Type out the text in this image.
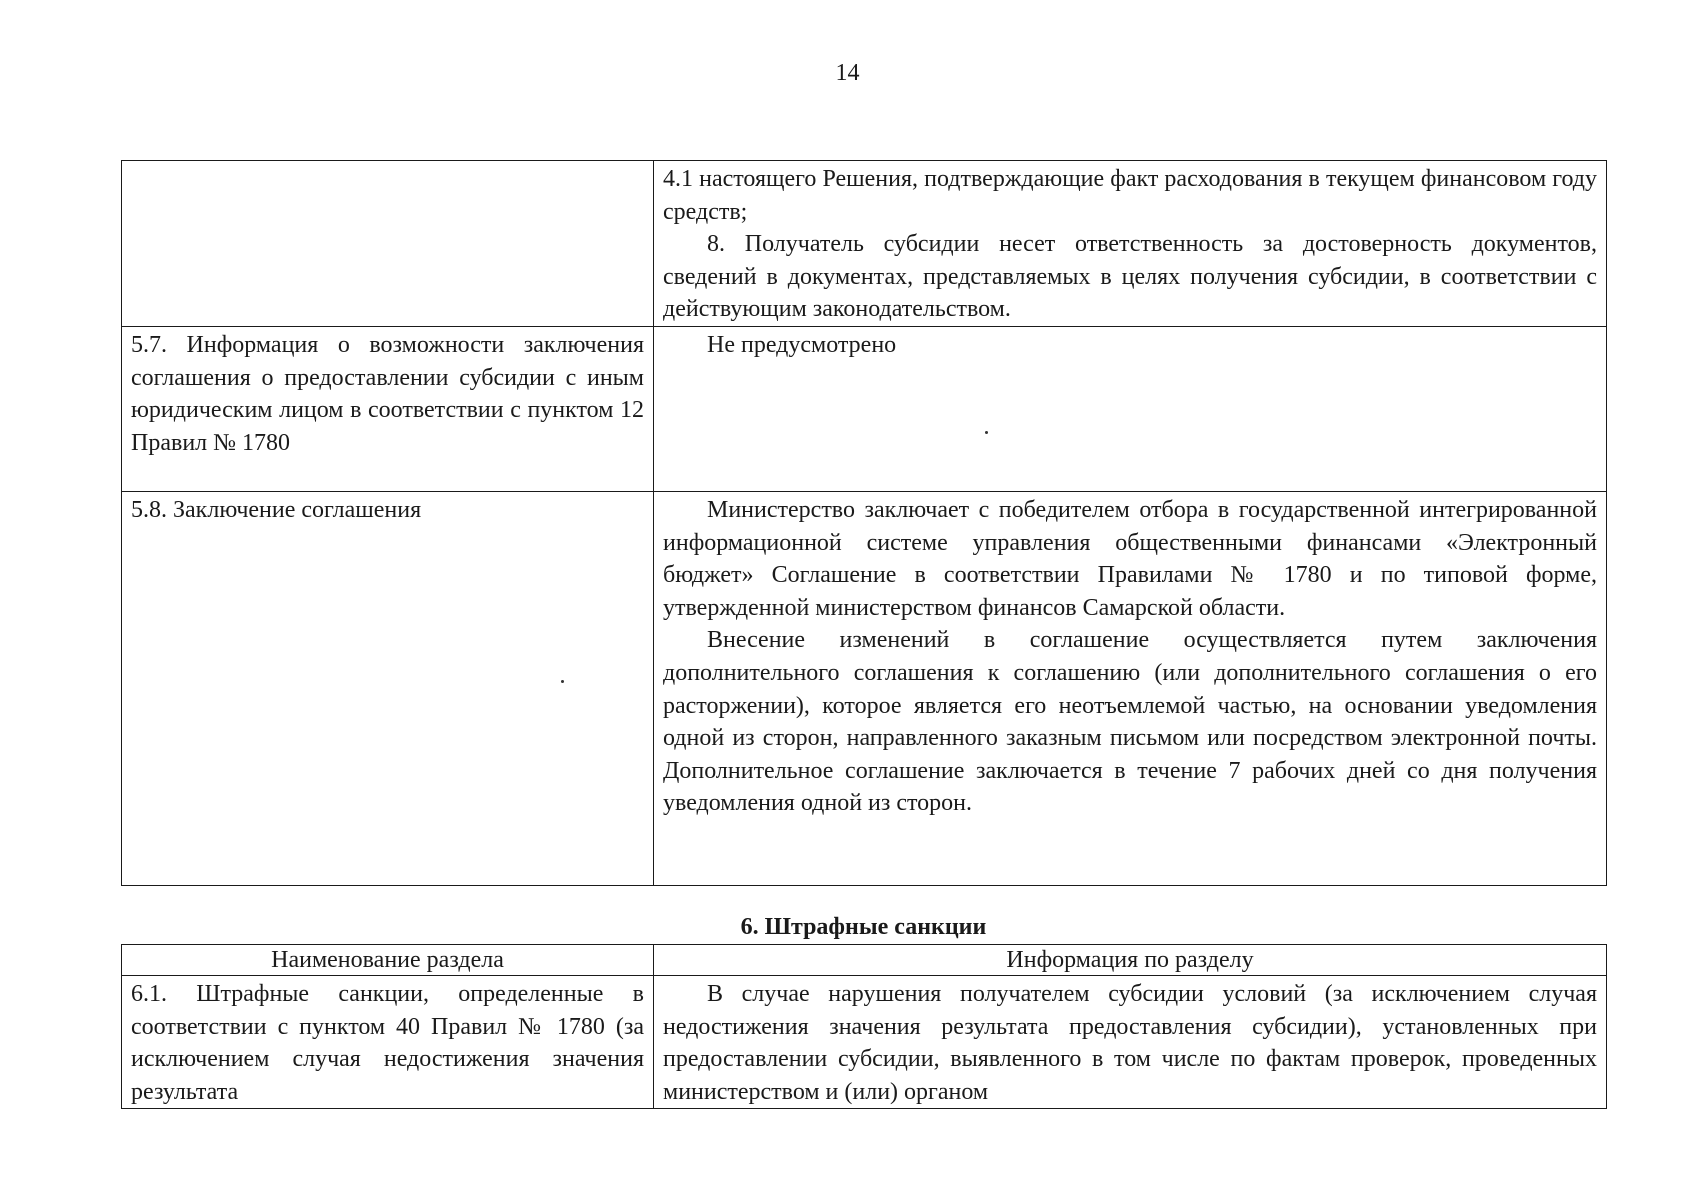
14

	4.1 настоящего Решения, подтверждающие факт расходования в текущем финансовом году средств;

8. Получатель субсидии несет ответственность за достоверность документов, сведений в документах, представляемых в целях получения субсидии, в соответствии с действующим законодательством.

5.7. Информация о возможности заключения соглашения о предоставлении субсидии с иным юридическим лицом в соответствии с пунктом 12 Правил № 1780	Не предусмотрено

5.8. Заключение соглашения	Министерство заключает с победителем отбора в государственной интегрированной информационной системе управления общественными финансами «Электронный бюджет» Соглашение в соответствии Правилами № 1780 и по типовой форме, утвержденной министерством финансов Самарской области.

Внесение изменений в соглашение осуществляется путем заключения дополнительного соглашения к соглашению (или дополнительного соглашения о его расторжении), которое является его неотъемлемой частью, на основании уведомления одной из сторон, направленного заказным письмом или посредством электронной почты. Дополнительное соглашение заключается в течение 7 рабочих дней со дня получения уведомления одной из сторон.

6. Штрафные санкции
Наименование раздела	Информация по разделу
6.1. Штрафные санкции, определенные в соответствии с пунктом 40 Правил № 1780 (за исключением случая недостижения значения результата	В случае нарушения получателем субсидии условий (за исключением случая недостижения значения результата предоставления субсидии), установленных при предоставлении субсидии, выявленного в том числе по фактам проверок, проведенных министерством и (или) органом
